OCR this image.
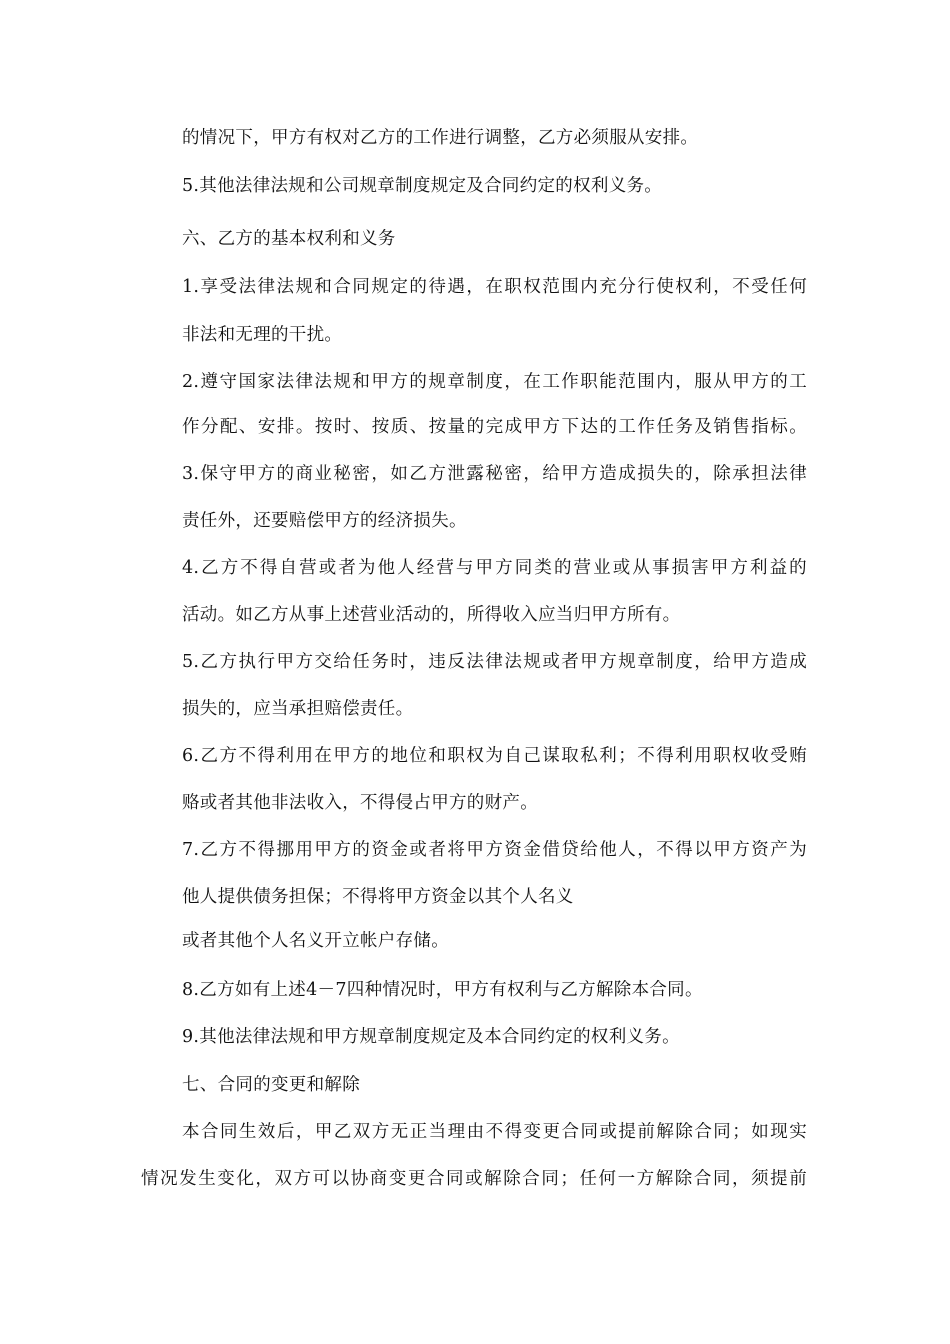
的情况下，甲方有权对乙方的工作进行调整，乙方必须服从安排。
5.其他法律法规和公司规章制度规定及合同约定的权利义务。
六、乙方的基本权利和义务
1.享受法律法规和合同规定的待遇，在职权范围内充分行使权利，不受任何
非法和无理的干扰。
2.遵守国家法律法规和甲方的规章制度，在工作职能范围内，服从甲方的工
作分配、安排。按时、按质、按量的完成甲方下达的工作任务及销售指标。
3.保守甲方的商业秘密，如乙方泄露秘密，给甲方造成损失的，除承担法律
责任外，还要赔偿甲方的经济损失。
4.乙方不得自营或者为他人经营与甲方同类的营业或从事损害甲方利益的
活动。如乙方从事上述营业活动的，所得收入应当归甲方所有。
5.乙方执行甲方交给任务时，违反法律法规或者甲方规章制度，给甲方造成
损失的，应当承担赔偿责任。
6.乙方不得利用在甲方的地位和职权为自己谋取私利；不得利用职权收受贿
赂或者其他非法收入，不得侵占甲方的财产。
7.乙方不得挪用甲方的资金或者将甲方资金借贷给他人，不得以甲方资产为
他人提供债务担保；不得将甲方资金以其个人名义
或者其他个人名义开立帐户存储。
8.乙方如有上述4－7四种情况时，甲方有权利与乙方解除本合同。
9.其他法律法规和甲方规章制度规定及本合同约定的权利义务。
七、合同的变更和解除
本合同生效后，甲乙双方无正当理由不得变更合同或提前解除合同；如现实
情况发生变化，双方可以协商变更合同或解除合同；任何一方解除合同，须提前
